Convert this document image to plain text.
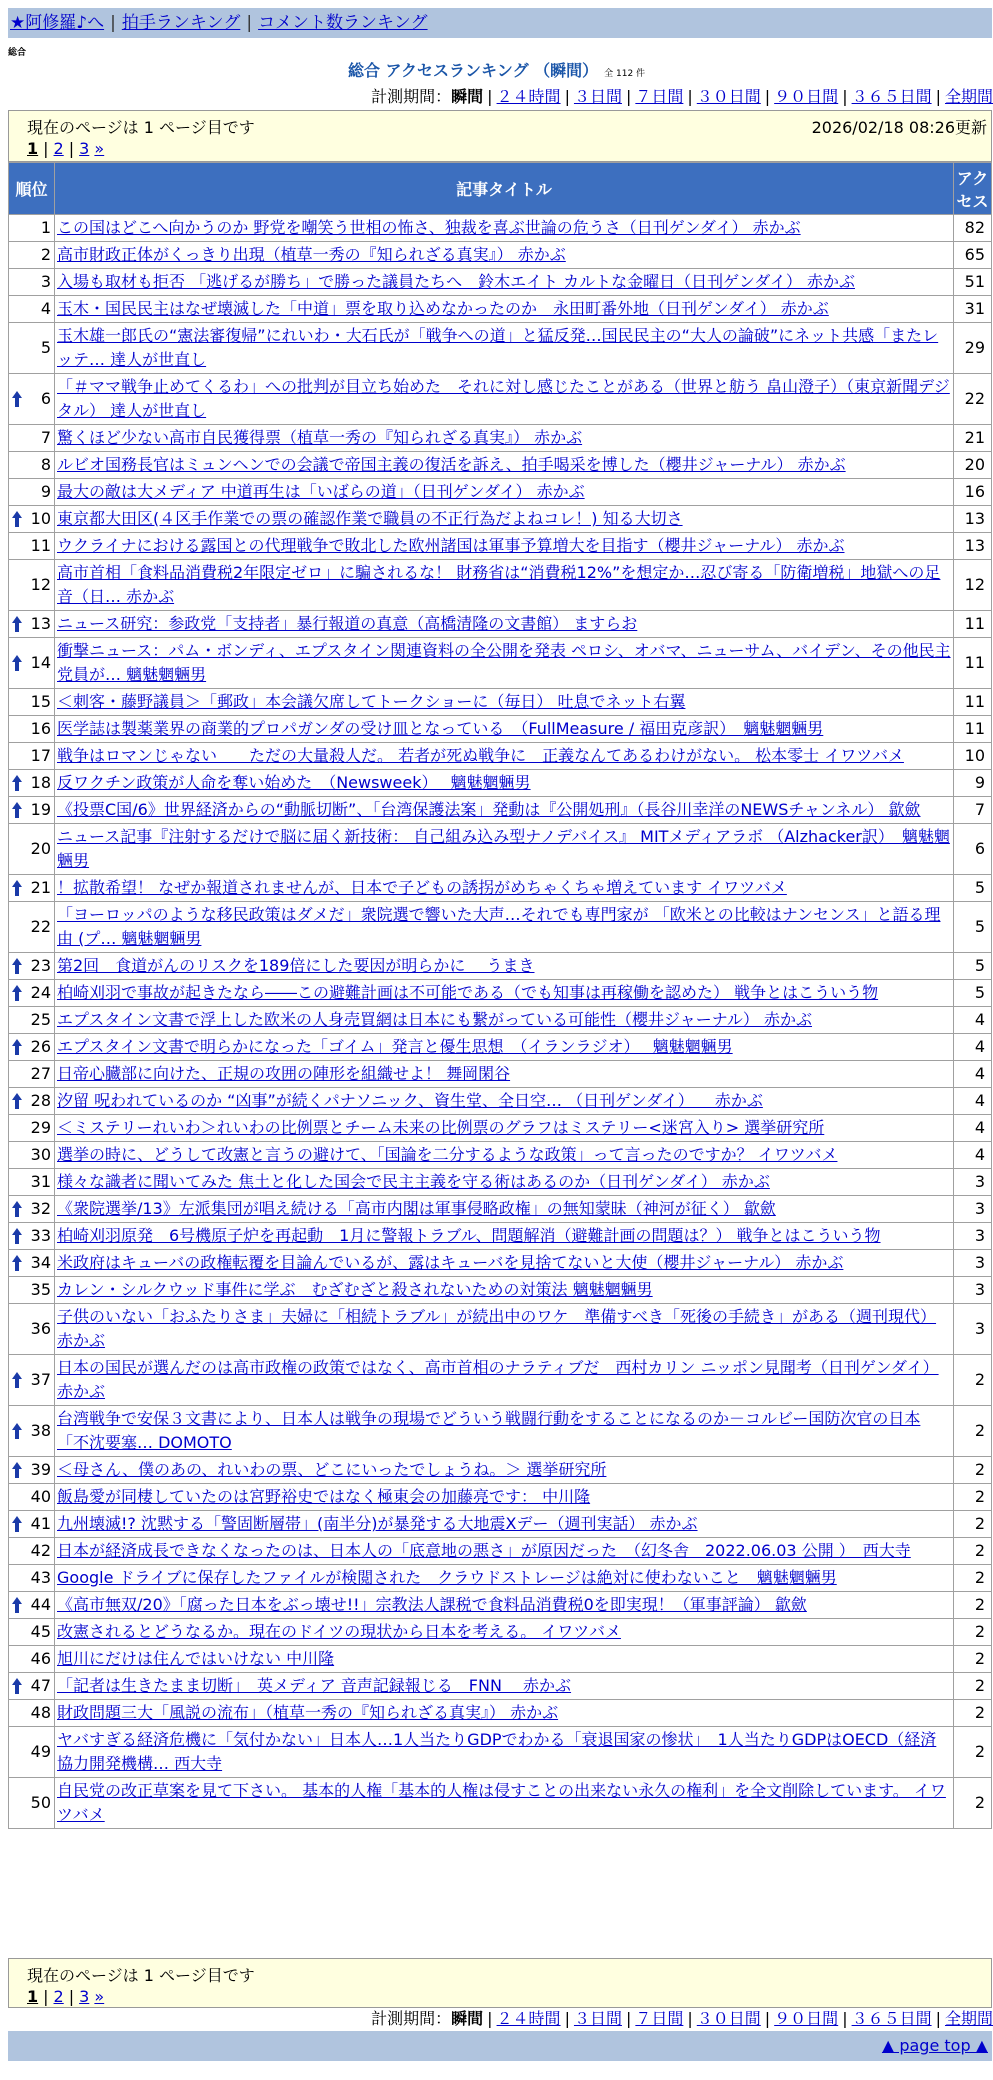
★阿修羅♪へ | 拍手ランキング | コメント数ランキング
総合
総合 アクセスランキング （瞬間） 全 112 件
計測期間：瞬間 | ２４時間 | ３日間 | ７日間 | ３０日間 | ９０日間 | ３６５日間 | 全期間
現在のページは 1 ページ目です	2026/02/18 08:26更新
1 | 2 | 3 »
順位	記事タイトル	アクセス
1	この国はどこへ向かうのか 野党を嘲笑う世相の怖さ、独裁を喜ぶ世論の危うさ（日刊ゲンダイ） 赤かぶ	82
2	高市財政正体がくっきり出現（植草一秀の『知られざる真実』） 赤かぶ	65
3	入場も取材も拒否 「逃げるが勝ち」で勝った議員たちへ　鈴木エイト カルトな金曜日（日刊ゲンダイ） 赤かぶ	51
4	玉木・国民民主はなぜ壊滅した「中道」票を取り込めなかったのか　永田町番外地（日刊ゲンダイ） 赤かぶ	31
5	玉木雄一郎氏の“憲法審復帰”にれいわ・大石氏が「戦争への道」と猛反発…国民民主の“大人の論破”にネット共感「またレッテ… 達人が世直し	29

6	「＃ママ戦争止めてくるわ」への批判が目立ち始めた　それに対し感じたことがある（世界と舫う 畠山澄子）（東京新聞デジタル） 達人が世直し	22
7	驚くほど少ない高市自民獲得票（植草一秀の『知られざる真実』） 赤かぶ	21
8	ルビオ国務長官はミュンヘンでの会議で帝国主義の復活を訴え、拍手喝采を博した（櫻井ジャーナル） 赤かぶ	20
9	最大の敵は大メディア 中道再生は「いばらの道」（日刊ゲンダイ） 赤かぶ	16

10	東京都大田区(４区手作業での票の確認作業で職員の不正行為だよねコレ！) 知る大切さ	13
11	ウクライナにおける露国との代理戦争で敗北した欧州諸国は軍事予算増大を目指す（櫻井ジャーナル） 赤かぶ	13
12	高市首相「食料品消費税2年限定ゼロ」に騙されるな！ 財務省は“消費税12%”を想定か…忍び寄る「防衛増税」地獄への足音（日… 赤かぶ	12

13	ニュース研究：参政党「支持者」暴行報道の真意（高橋清隆の文書館） ますらお	11

14	衝撃ニュース：パム・ボンディ、エプスタイン関連資料の全公開を発表 ペロシ、オバマ、ニューサム、バイデン、その他民主党員が… 魑魅魍魎男	11
15	＜刺客・藤野議員＞「郵政」本会議欠席してトークショーに（毎日） 吐息でネット右翼	11
16	医学誌は製薬業界の商業的プロパガンダの受け皿となっている　（FullMeasure / 福田克彦訳）　魑魅魍魎男	11
17	戦争はロマンじゃない　　ただの大量殺人だ。 若者が死ぬ戦争に　正義なんてあるわけがない。 松本零士 イワツバメ	10

18	反ワクチン政策が人命を奪い始めた　（Newsweek）　 魑魅魍魎男	9

19	《投票C国/6》世界経済からの“動脈切断”、「台湾保護法案」発動は『公開処刑』（長谷川幸洋のNEWSチャンネル） 歙歛	7
20	ニュース記事『注射するだけで脳に届く新技術： 自己組み込み型ナノデバイス』 MITメディアラボ （Alzhacker訳）　魑魅魍魎男	6

21	！拡散希望！ なぜか報道されませんが、日本で子どもの誘拐がめちゃくちゃ増えています イワツバメ	5
22	「ヨーロッパのような移民政策はダメだ」衆院選で響いた大声…それでも専門家が 「欧米との比較はナンセンス」と語る理由 (プ… 魑魅魍魎男	5

23	第2回　食道がんのリスクを189倍にした要因が明らかに　 うまき	5

24	柏崎刈羽で事故が起きたなら――この避難計画は不可能である（でも知事は再稼働を認めた） 戦争とはこういう物	5
25	エプスタイン文書で浮上した欧米の人身売買網は日本にも繋がっている可能性（櫻井ジャーナル） 赤かぶ	4

26	エプスタイン文書で明らかになった「ゴイム」発言と優生思想　（イランラジオ）　 魑魅魍魎男	4
27	日帝心臓部に向けた、正規の攻囲の陣形を組織せよ！ 舞岡閑谷	4

28	汐留 呪われているのか “凶事”が続くパナソニック、資生堂、全日空… （日刊ゲンダイ） 　赤かぶ	4
29	＜ミステリーれいわ＞れいわの比例票とチーム未来の比例票のグラフはミステリー<迷宮入り> 選挙研究所	4
30	選挙の時に、どうして改憲と言うの避けて、「国論を二分するような政策」って言ったのですか？ イワツバメ	4
31	様々な識者に聞いてみた 焦土と化した国会で民主主義を守る術はあるのか（日刊ゲンダイ） 赤かぶ	3

32	《衆院選挙/13》左派集団が唱え続ける「高市内閣は軍事侵略政権」の無知蒙昧（神河が征く） 歙歛	3

33	柏崎刈羽原発　6号機原子炉を再起動　1月に警報トラブル、問題解消（避難計画の問題は？） 戦争とはこういう物	3

34	米政府はキューバの政権転覆を目論んでいるが、露はキューバを見捨てないと大使（櫻井ジャーナル） 赤かぶ	3
35	カレン・シルクウッド事件に学ぶ　むざむざと殺されないための対策法 魑魅魍魎男	3
36	子供のいない「おふたりさま」夫婦に「相続トラブル」が続出中のワケ　準備すべき「死後の手続き」がある（週刊現代） 赤かぶ	3

37	日本の国民が選んだのは高市政権の政策ではなく、高市首相のナラティブだ　西村カリン ニッポン見聞考（日刊ゲンダイ） 赤かぶ	2

38	台湾戦争で安保３文書により、日本人は戦争の現場でどういう戦闘行動をすることになるのか－コルビー国防次官の日本「不沈要塞… DOMOTO	2

39	＜母さん、僕のあの、れいわの票、どこにいったでしょうね。＞ 選挙研究所	2
40	飯島愛が同棲していたのは宮野裕史ではなく極東会の加藤亮です： 中川隆	2

41	九州壊滅!? 沈黙する「警固断層帯」(南半分)が暴発する大地震Xデー（週刊実話） 赤かぶ	2
42	日本が経済成長できなくなったのは、日本人の「底意地の悪さ」が原因だった　（幻冬舎　2022.06.03 公開 ）　西大寺	2
43	Google ドライブに保存したファイルが検閲された　クラウドストレージは絶対に使わないこと　魑魅魍魎男	2

44	《高市無双/20》「腐った日本をぶっ壊せ!!」宗教法人課税で食料品消費税0を即実現！（軍事評論） 歙歛	2
45	改憲されるとどうなるか。現在のドイツの現状から日本を考える。 イワツバメ	2
46	旭川にだけは住んではいけない 中川隆	2

47	「記者は生きたまま切断」　英メディア 音声記録報じる　FNN　 赤かぶ	2
48	財政問題三大「風説の流布」（植草一秀の『知られざる真実』） 赤かぶ	2
49	ヤバすぎる経済危機に「気付かない」日本人…1人当たりGDPでわかる「衰退国家の惨状」　1人当たりGDPはOECD（経済協力開発機構… 西大寺	2
50	自民党の改正草案を見て下さい。 基本的人権「基本的人権は侵すことの出来ない永久の権利」を全文削除しています。 イワツバメ	2
現在のページは 1 ページ目です
1 | 2 | 3 »
計測期間：瞬間 | ２４時間 | ３日間 | ７日間 | ３０日間 | ９０日間 | ３６５日間 | 全期間
▲ page top ▲
